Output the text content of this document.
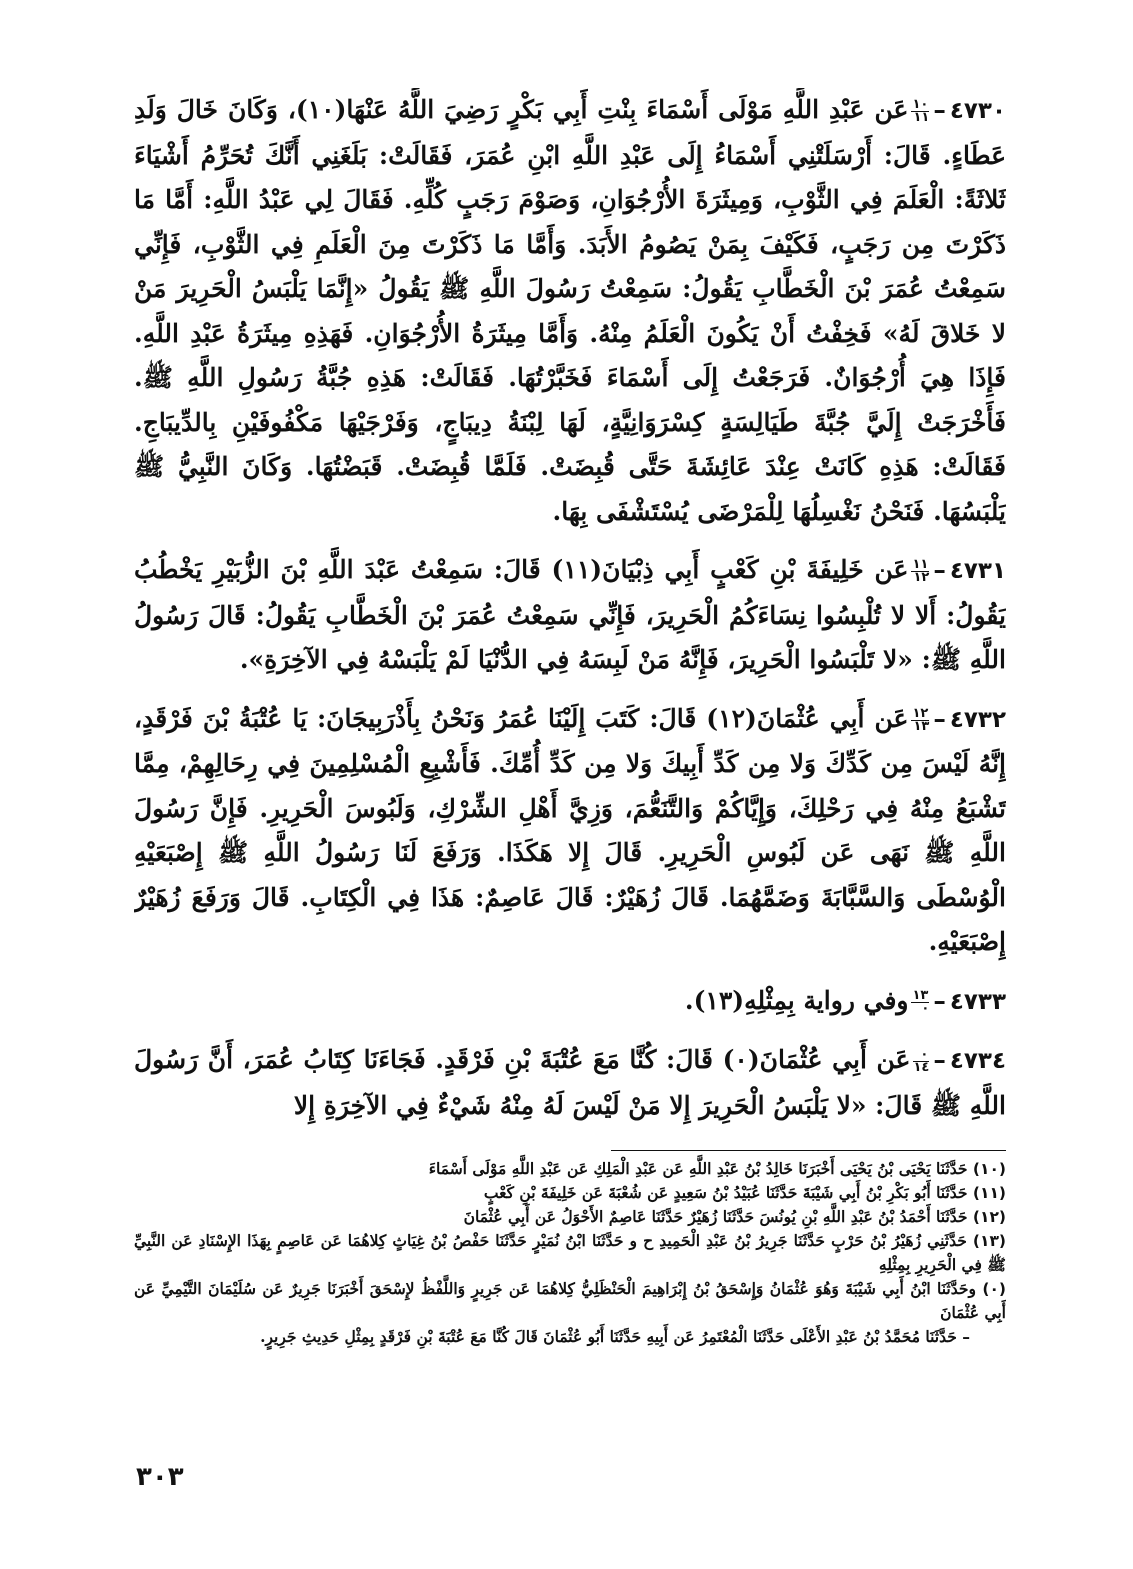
٤٧٣٠–
$\frac{١٠}{١١}$
عَن عَبْدِ اللَّهِ مَوْلَى أَسْمَاءَ بِنْتِ أَبِي بَكْرٍ رَضِيَ اللَّهُ عَنْهَا(١٠)، وَكَانَ خَالَ وَلَدِ عَطَاءٍ. قَالَ: أَرْسَلَتْنِي أَسْمَاءُ إِلَى عَبْدِ اللَّهِ ابْنِ عُمَرَ، فَقَالَتْ: بَلَغَنِي أَنَّكَ تُحَرِّمُ أَشْيَاءَ ثَلاثَةً: الْعَلَمَ فِي الثَّوْبِ، وَمِيثَرَةَ الأُرْجُوَانِ، وَصَوْمَ رَجَبٍ كُلِّهِ. فَقَالَ لِي عَبْدُ اللَّهِ: أَمَّا مَا ذَكَرْتَ مِن رَجَبٍ، فَكَيْفَ بِمَنْ يَصُومُ الأَبَدَ. وَأَمَّا مَا ذَكَرْتَ مِنَ الْعَلَمِ فِي الثَّوْبِ، فَإِنِّي سَمِعْتُ عُمَرَ بْنَ الْخَطَّابِ يَقُولُ: سَمِعْتُ رَسُولَ اللَّهِ ﷺ يَقُولُ «إِنَّمَا يَلْبَسُ الْحَرِيرَ مَنْ لا خَلاقَ لَهُ» فَخِفْتُ أَنْ يَكُونَ الْعَلَمُ مِنْهُ. وَأَمَّا مِيثَرَةُ الأُرْجُوَانِ. فَهَذِهِ مِيثَرَةُ عَبْدِ اللَّهِ. فَإِذَا هِيَ أُرْجُوَانٌ. فَرَجَعْتُ إِلَى أَسْمَاءَ فَخَبَّرْتُهَا. فَقَالَتْ: هَذِهِ جُبَّةُ رَسُولِ اللَّهِ ﷺ. فَأَخْرَجَتْ إِلَيَّ جُبَّةَ طَيَالِسَةٍ كِسْرَوَانِيَّةٍ، لَهَا لِبْنَةُ دِيبَاجٍ، وَفَرْجَيْهَا مَكْفُوفَيْنِ بِالدِّيبَاجِ. فَقَالَتْ: هَذِهِ كَانَتْ عِنْدَ عَائِشَةَ حَتَّى قُبِضَتْ. فَلَمَّا قُبِضَتْ. قَبَضْتُهَا. وَكَانَ النَّبِيُّ ﷺ يَلْبَسُهَا. فَنَحْنُ نَغْسِلُهَا لِلْمَرْضَى يُسْتَشْفَى بِهَا.

٤٧٣١–
$\frac{١١}{١٢}$
عَن خَلِيفَةَ بْنِ كَعْبٍ أَبِي ذِبْيَانَ(١١) قَالَ: سَمِعْتُ عَبْدَ اللَّهِ بْنَ الزُّبَيْرِ يَخْطُبُ يَقُولُ: أَلا لا تُلْبِسُوا نِسَاءَكُمُ الْحَرِيرَ، فَإِنِّي سَمِعْتُ عُمَرَ بْنَ الْخَطَّابِ يَقُولُ: قَالَ رَسُولُ اللَّهِ ﷺ: «لا تَلْبَسُوا الْحَرِيرَ، فَإِنَّهُ مَنْ لَبِسَهُ فِي الدُّنْيَا لَمْ يَلْبَسْهُ فِي الآخِرَةِ».

٤٧٣٢–
$\frac{١٢}{١٣}$
عَن أَبِي عُثْمَانَ(١٢) قَالَ: كَتَبَ إِلَيْنَا عُمَرُ وَنَحْنُ بِأَذْرَبِيجَانَ: يَا عُتْبَةُ بْنَ فَرْقَدٍ، إِنَّهُ لَيْسَ مِن كَدِّكَ وَلا مِن كَدِّ أَبِيكَ وَلا مِن كَدِّ أُمِّكَ. فَأَشْبِعِ الْمُسْلِمِينَ فِي رِحَالِهِمْ، مِمَّا تَشْبَعُ مِنْهُ فِي رَحْلِكَ، وَإِيَّاكُمْ وَالتَّنَعُّمَ، وَزِيَّ أَهْلِ الشِّرْكِ، وَلَبُوسَ الْحَرِيرِ. فَإِنَّ رَسُولَ اللَّهِ ﷺ نَهَى عَن لَبُوسِ الْحَرِيرِ. قَالَ إِلا هَكَذَا. وَرَفَعَ لَنَا رَسُولُ اللَّهِ ﷺ إِصْبَعَيْهِ الْوُسْطَى وَالسَّبَّابَةَ وَضَمَّهُمَا. قَالَ زُهَيْرٌ: قَالَ عَاصِمٌ: هَذَا فِي الْكِتَابِ. قَالَ وَرَفَعَ زُهَيْرٌ إِصْبَعَيْهِ.

٤٧٣٣–
$\frac{١٣}{٠}$
وفي رواية بِمِثْلِهِ(١٣).

٤٧٣٤–
$\frac{٠}{١٤}$
عَن أَبِي عُثْمَانَ(٠) قَالَ: كُنَّا مَعَ عُتْبَةَ بْنِ فَرْقَدٍ. فَجَاءَنَا كِتَابُ عُمَرَ، أَنَّ رَسُولَ اللَّهِ ﷺ قَالَ: «لا يَلْبَسُ الْحَرِيرَ إِلا مَنْ لَيْسَ لَهُ مِنْهُ شَيْءٌ فِي الآخِرَةِ إِلا

(١٠) حَدَّثَنَا يَحْيَى بْنُ يَحْيَى أَخْبَرَنَا خَالِدُ بْنُ عَبْدِ اللَّهِ عَن عَبْدِ الْمَلِكِ عَن عَبْدِ اللَّهِ مَوْلَى أَسْمَاءَ

(١١) حَدَّثَنَا أَبُو بَكْرِ بْنُ أَبِي شَيْبَةَ حَدَّثَنَا عُبَيْدُ بْنُ سَعِيدٍ عَن شُعْبَةَ عَن خَلِيفَةَ بْنِ كَعْبٍ

(١٢) حَدَّثَنَا أَحْمَدُ بْنُ عَبْدِ اللَّهِ بْنِ يُونُسَ حَدَّثَنَا زُهَيْرٌ حَدَّثَنَا عَاصِمٌ الأَحْوَلُ عَن أَبِي عُثْمَانَ

(١٣) حَدَّثَنِي زُهَيْرُ بْنُ حَرْبٍ حَدَّثَنَا جَرِيرُ بْنُ عَبْدِ الْحَمِيدِ ح و حَدَّثَنَا ابْنُ نُمَيْرٍ حَدَّثَنَا حَفْصُ بْنُ غِيَاثٍ كِلاهُمَا عَن عَاصِمٍ بِهَذَا الإِسْنَادِ عَن النَّبِيِّ ﷺ فِي الْحَرِيرِ بِمِثْلِهِ

(٠) وحَدَّثَنَا ابْنُ أَبِي شَيْبَةَ وَهُوَ عُثْمَانُ وَإِسْحَقُ بْنُ إِبْرَاهِيمَ الْحَنْظَلِيُّ كِلاهُمَا عَن جَرِيرٍ وَاللَّفْظُ لإِسْحَقَ أَخْبَرَنَا جَرِيرٌ عَن سُلَيْمَانَ التَّيْمِيِّ عَن أَبِي عُثْمَانَ

– حَدَّثَنَا مُحَمَّدُ بْنُ عَبْدِ الأَعْلَى حَدَّثَنَا الْمُعْتَمِرُ عَن أَبِيهِ حَدَّثَنَا أَبُو عُثْمَانَ قَالَ كُنَّا مَعَ عُتْبَةَ بْنِ فَرْقَدٍ بِمِثْلِ حَدِيثِ جَرِيرٍ.

٣٠٣
